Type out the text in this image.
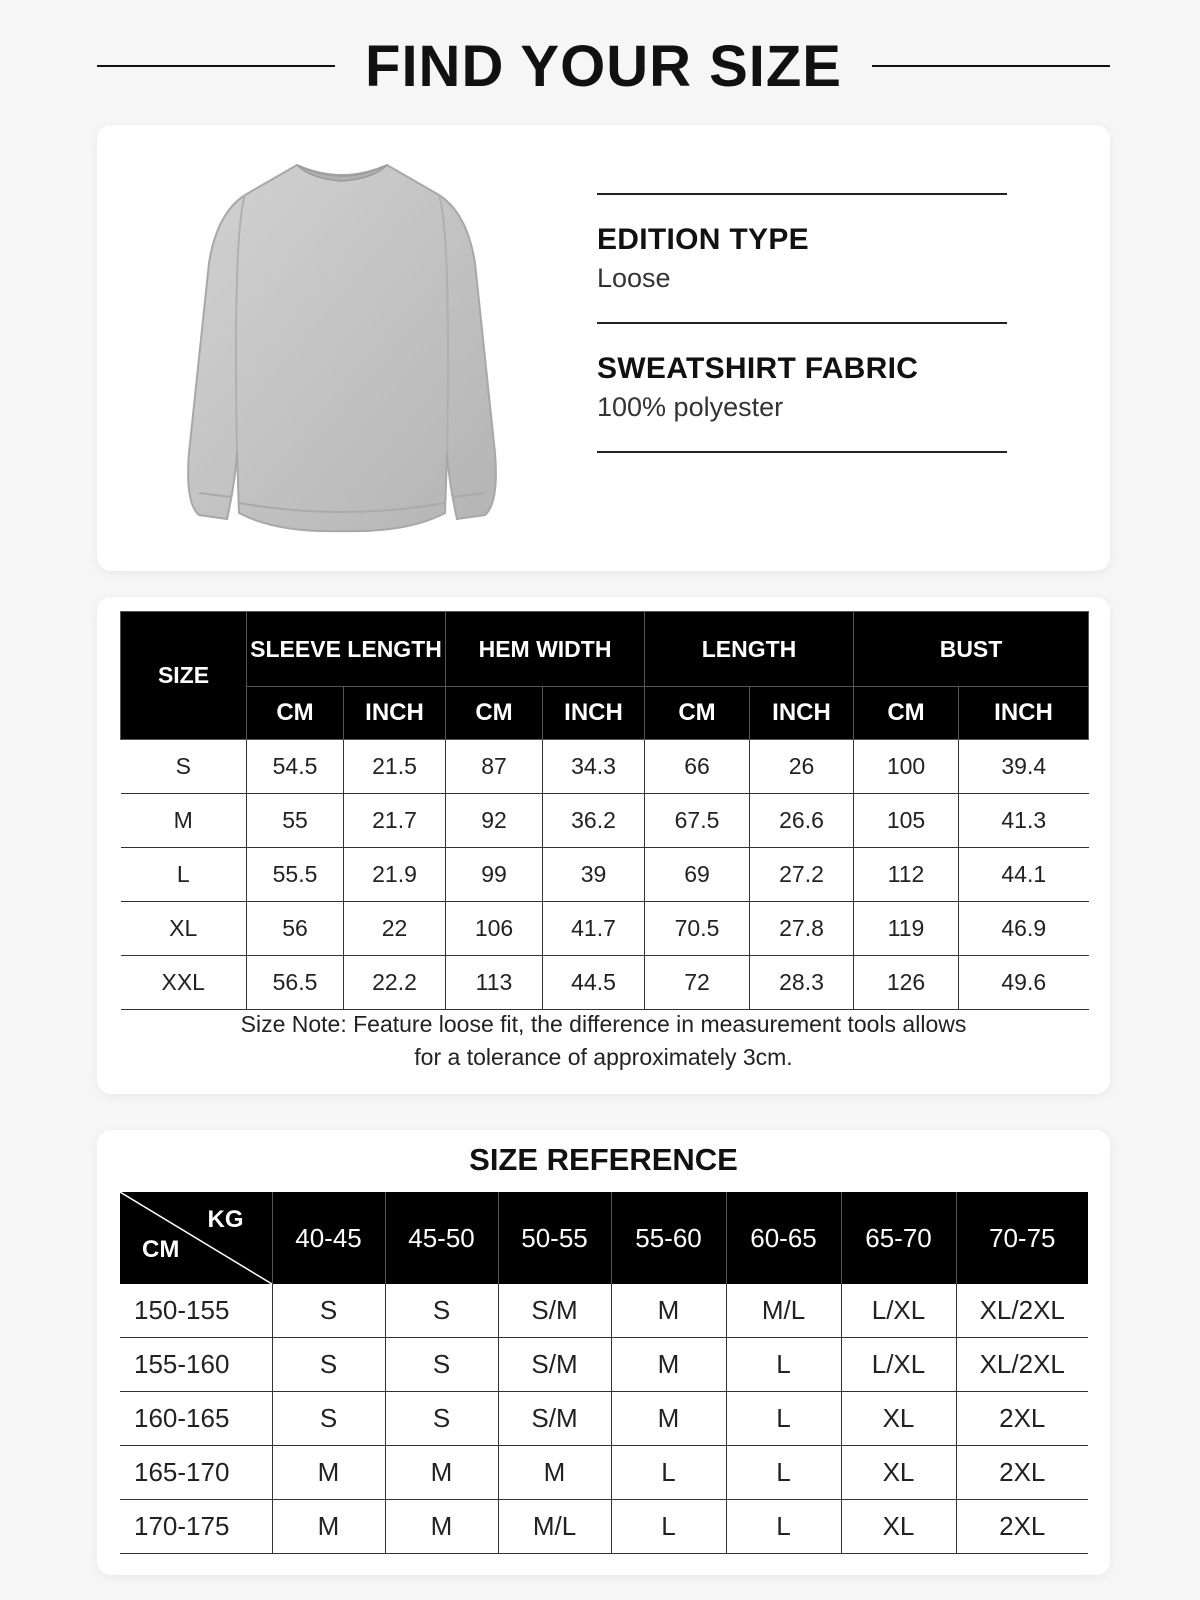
FIND YOUR SIZE
EDITION TYPE
Loose
SWEATSHIRT FABRIC
100% polyester
SIZE	SLEEVE LENGTH		HEM WIDTH		LENGTH		BUST	
	CM	INCH	CM	INCH	CM	INCH	CM	INCH
S	54.5	21.5	87	34.3	66	26	100	39.4
M	55	21.7	92	36.2	67.5	26.6	105	41.3
L	55.5	21.9	99	39	69	27.2	112	44.1
XL	56	22	106	41.7	70.5	27.8	119	46.9
XXL	56.5	22.2	113	44.5	72	28.3	126	49.6
Size Note: Feature loose fit, the difference in measurement tools allows
for a tolerance of approximately 3cm.
SIZE REFERENCE
KG
CM	40-45	45-50	50-55	55-60	60-65	65-70	70-75
150-155	S	S	S/M	M	M/L	L/XL	XL/2XL
155-160	S	S	S/M	M	L	L/XL	XL/2XL
160-165	S	S	S/M	M	L	XL	2XL
165-170	M	M	M	L	L	XL	2XL
170-175	M	M	M/L	L	L	XL	2XL
